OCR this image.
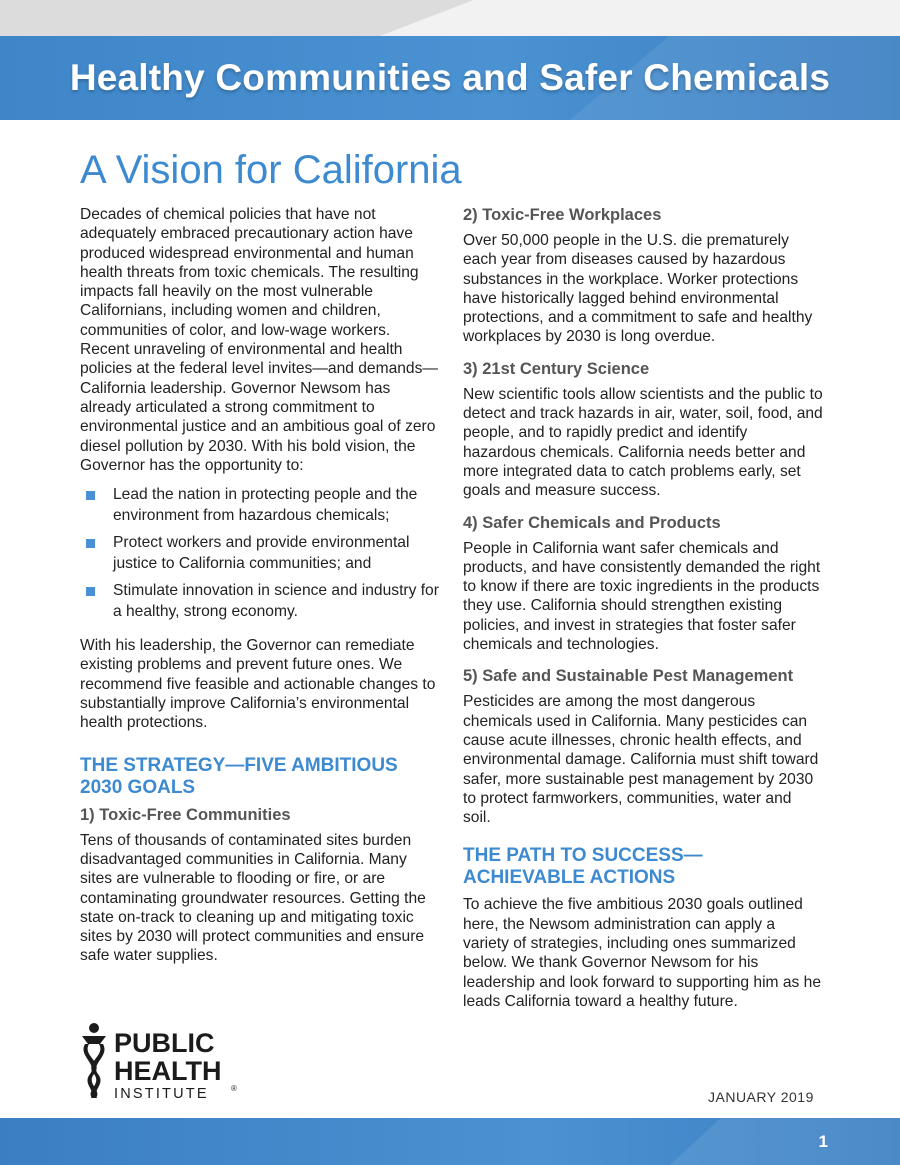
Healthy Communities and Safer Chemicals
A Vision for California

Decades of chemical policies that have not adequately embraced precautionary action have produced widespread environmental and human health threats from toxic chemicals. The resulting impacts fall heavily on the most vulnerable Californians, including women and children, communities of color, and low-wage workers. Recent unraveling of environmental and health policies at the federal level invites—and demands—California leadership. Governor Newsom has already articulated a strong commitment to environmental justice and an ambitious goal of zero diesel pollution by 2030. With his bold vision, the Governor has the opportunity to:

Lead the nation in protecting people and the environment from hazardous chemicals;
Protect workers and provide environmental justice to California communities; and
Stimulate innovation in science and industry for a healthy, strong economy.

With his leadership, the Governor can remediate existing problems and prevent future ones. We recommend five feasible and actionable changes to substantially improve California’s environmental health protections.

THE STRATEGY—FIVE AMBITIOUS 2030 GOALS
1) Toxic-Free Communities

Tens of thousands of contaminated sites burden disadvantaged communities in California. Many sites are vulnerable to flooding or fire, or are contaminating groundwater resources. Getting the state on-track to cleaning up and mitigating toxic sites by 2030 will protect communities and ensure safe water supplies.

2) Toxic-Free Workplaces

Over 50,000 people in the U.S. die prematurely each year from diseases caused by hazardous substances in the workplace. Worker protections have historically lagged behind environmental protections, and a commitment to safe and healthy workplaces by 2030 is long overdue.

3) 21st Century Science

New scientific tools allow scientists and the public to detect and track hazards in air, water, soil, food, and people, and to rapidly predict and identify hazardous chemicals. California needs better and more integrated data to catch problems early, set goals and measure success.

4) Safer Chemicals and Products

People in California want safer chemicals and products, and have consistently demanded the right to know if there are toxic ingredients in the products they use. California should strengthen existing policies, and invest in strategies that foster safer chemicals and technologies.

5) Safe and Sustainable Pest Management

Pesticides are among the most dangerous chemicals used in California. Many pesticides can cause acute illnesses, chronic health effects, and environmental damage. California must shift toward safer, more sustainable pest management by 2030 to protect farmworkers, communities, water and soil.

THE PATH TO SUCCESS—ACHIEVABLE ACTIONS

To achieve the five ambitious 2030 goals outlined here, the Newsom administration can apply a variety of strategies, including ones summarized below. We thank Governor Newsom for his leadership and look forward to supporting him as he leads California toward a healthy future.

PUBLIC
HEALTH
INSTITUTE	®
JANUARY 2019
1
